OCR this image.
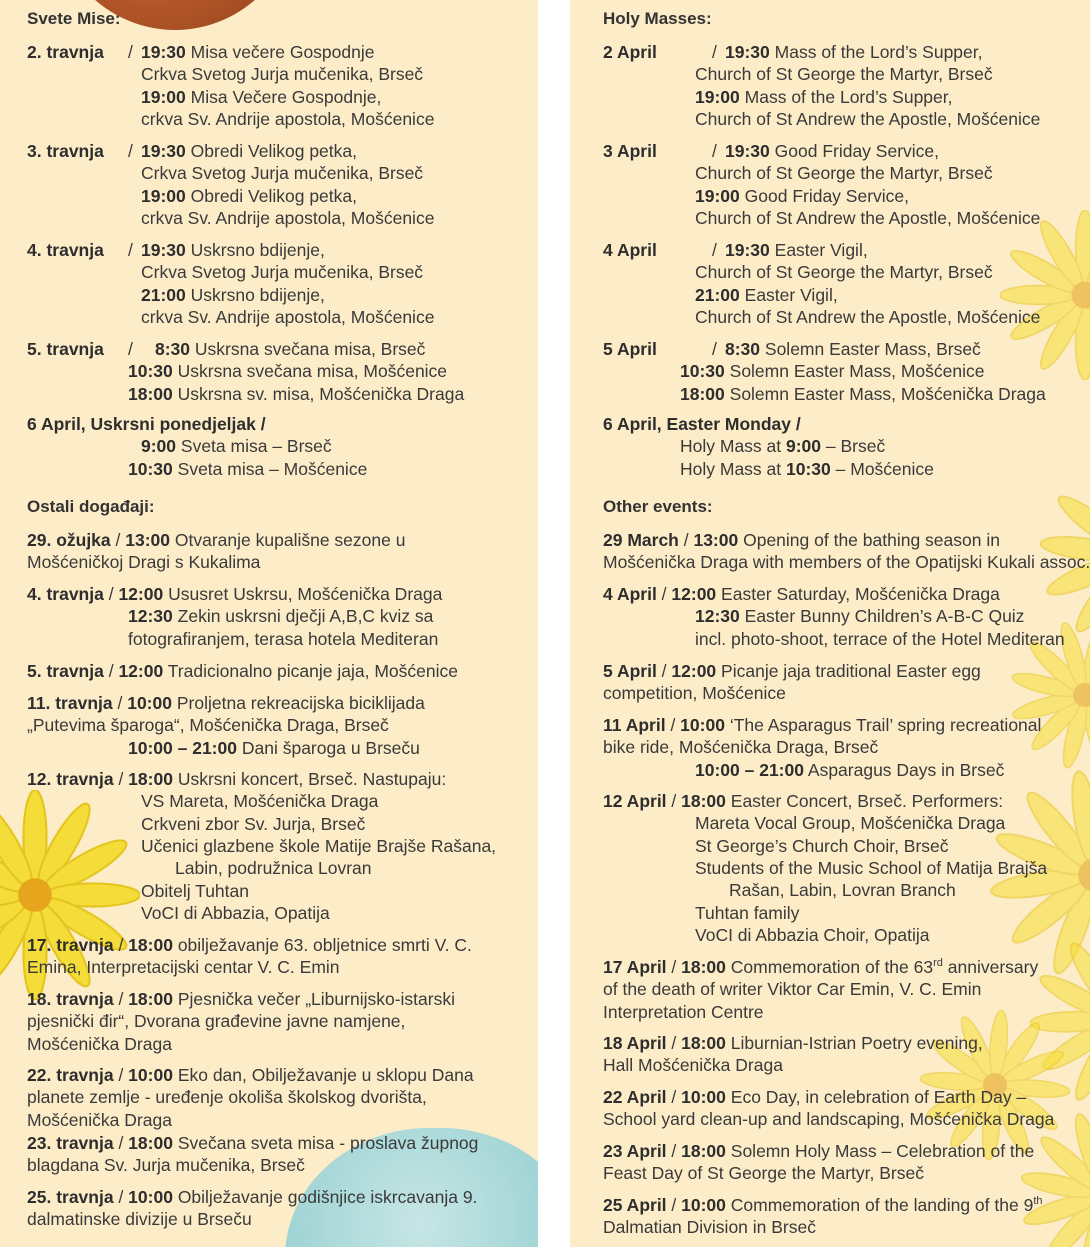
Svete Mise:
2. travnja / 19:30 Misa večere Gospodnje
Crkva Svetog Jurja mučenika, Brseč
19:00 Misa Večere Gospodnje,
crkva Sv. Andrije apostola, Mošćenice
3. travnja / 19:30 Obredi Velikog petka,
Crkva Svetog Jurja mučenika, Brseč
19:00 Obredi Velikog petka,
crkva Sv. Andrije apostola, Mošćenice
4. travnja / 19:30 Uskrsno bdijenje,
Crkva Svetog Jurja mučenika, Brseč
21:00 Uskrsno bdijenje,
crkva Sv. Andrije apostola, Mošćenice
5. travnja / 8:30 Uskrsna svečana misa, Brseč
10:30 Uskrsna svečana misa, Mošćenice
18:00 Uskrsna sv. misa, Mošćenička Draga
6 April, Uskrsni ponedjeljak /
9:00 Sveta misa – Brseč
10:30 Sveta misa – Mošćenice
Ostali događaji:
29. ožujka / 13:00 Otvaranje kupališne sezone u
Mošćeničkoj Dragi s Kukalima
4. travnja / 12:00 Ususret Uskrsu, Mošćenička Draga
12:30 Zekin uskrsni dječji A,B,C kviz sa
fotografiranjem, terasa hotela Mediteran
5. travnja / 12:00 Tradicionalno picanje jaja, Mošćenice
11. travnja / 10:00 Proljetna rekreacijska biciklijada
„Putevima šparoga“, Mošćenička Draga, Brseč
10:00 – 21:00 Dani šparoga u Brseču
12. travnja / 18:00 Uskrsni koncert, Brseč. Nastupaju:
VS Mareta, Mošćenička Draga
Crkveni zbor Sv. Jurja, Brseč
Učenici glazbene škole Matije Brajše Rašana,
Labin, podružnica Lovran
Obitelj Tuhtan
VoCI di Abbazia, Opatija
17. travnja / 18:00 obilježavanje 63. obljetnice smrti V. C.
Emina, Interpretacijski centar V. C. Emin
18. travnja / 18:00 Pjesnička večer „Liburnijsko-istarski
pjesnički đir“, Dvorana građevine javne namjene,
Mošćenička Draga
22. travnja / 10:00 Eko dan, Obilježavanje u sklopu Dana
planete zemlje - uređenje okoliša školskog dvorišta,
Mošćenička Draga
23. travnja / 18:00 Svečana sveta misa - proslava župnog
blagdana Sv. Jurja mučenika, Brseč
25. travnja / 10:00 Obilježavanje godišnjice iskrcavanja 9.
dalmatinske divizije u Brseču
Holy Masses:
2 April	/ 19:30 Mass of the Lord’s Supper,
Church of St George the Martyr, Brseč
19:00 Mass of the Lord’s Supper,
Church of St Andrew the Apostle, Mošćenice
3 April	/ 19:30 Good Friday Service,
Church of St George the Martyr, Brseč
19:00 Good Friday Service,
Church of St Andrew the Apostle, Mošćenice
4 April	/ 19:30 Easter Vigil,
Church of St George the Martyr, Brseč
21:00 Easter Vigil,
Church of St Andrew the Apostle, Mošćenice
5 April	/ 8:30 Solemn Easter Mass, Brseč
10:30 Solemn Easter Mass, Mošćenice
18:00 Solemn Easter Mass, Mošćenička Draga
6 April, Easter Monday /
Holy Mass at 9:00 – Brseč
Holy Mass at 10:30 – Mošćenice
Other events:
29 March / 13:00 Opening of the bathing season in
Mošćenička Draga with members of the Opatijski Kukali assoc.
4 April / 12:00 Easter Saturday, Mošćenička Draga
12:30 Easter Bunny Children’s A-B-C Quiz
incl. photo-shoot, terrace of the Hotel Mediteran
5 April / 12:00 Picanje jaja traditional Easter egg
competition, Mošćenice
11 April / 10:00 ‘The Asparagus Trail’ spring recreational
bike ride, Mošćenička Draga, Brseč
10:00 – 21:00 Asparagus Days in Brseč
12 April / 18:00 Easter Concert, Brseč. Performers:
Mareta Vocal Group, Mošćenička Draga
St George’s Church Choir, Brseč
Students of the Music School of Matija Brajša
Rašan, Labin, Lovran Branch
Tuhtan family
VoCI di Abbazia Choir, Opatija
17 April / 18:00 Commemoration of the 63rd anniversary
of the death of writer Viktor Car Emin, V. C. Emin
Interpretation Centre
18 April / 18:00 Liburnian-Istrian Poetry evening,
Hall Mošćenička Draga
22 April / 10:00 Eco Day, in celebration of Earth Day –
School yard clean-up and landscaping, Mošćenička Draga
23 April / 18:00 Solemn Holy Mass – Celebration of the
Feast Day of St George the Martyr, Brseč
25 April / 10:00 Commemoration of the landing of the 9th
Dalmatian Division in Brseč
